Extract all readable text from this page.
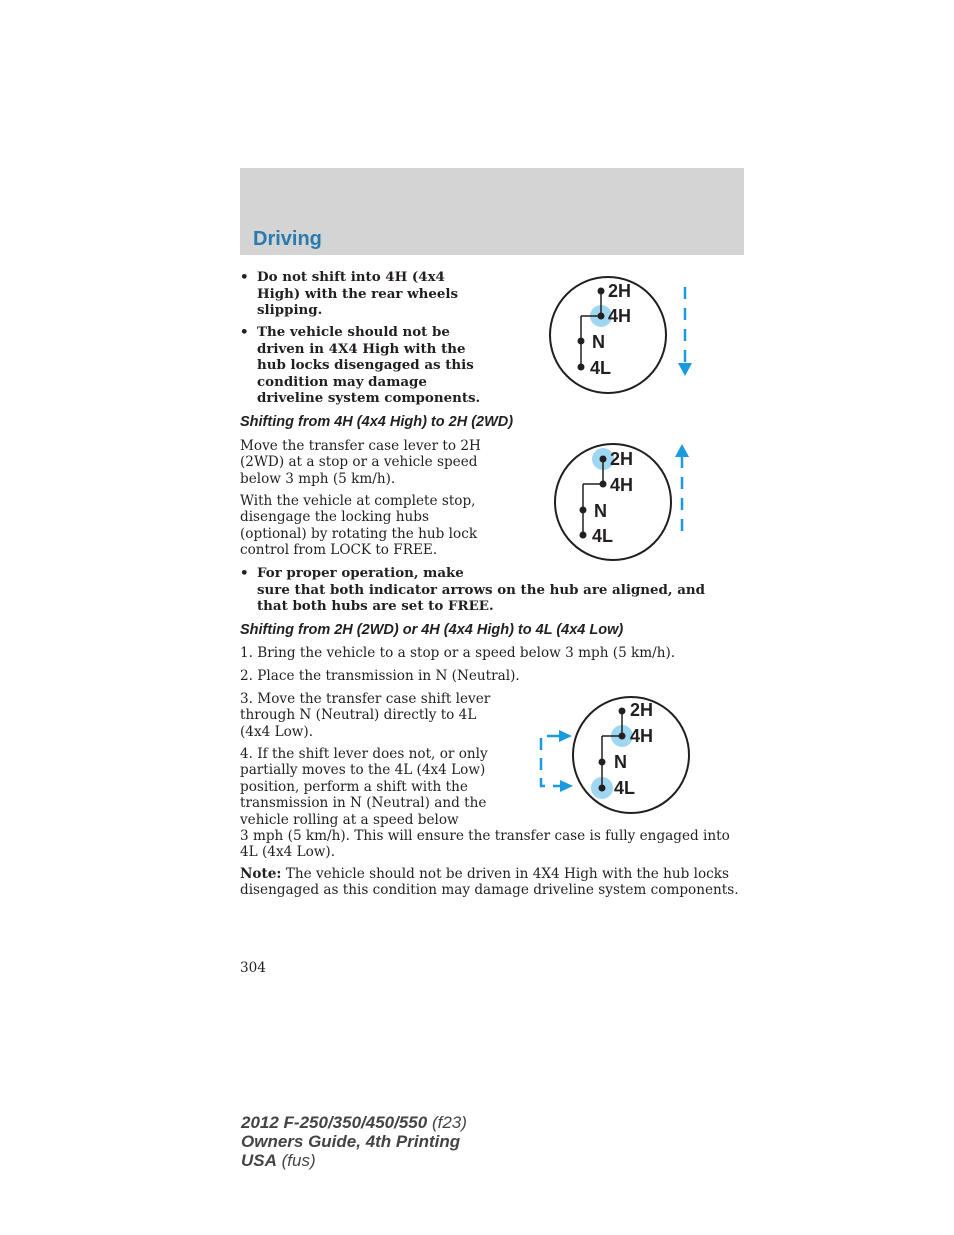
Driving
• Do not shift into 4H (4x4
High) with the rear wheels
slipping.
• The vehicle should not be
driven in 4X4 High with the
hub locks disengaged as this
condition may damage
driveline system components.
Shifting from 4H (4x4 High) to 2H (2WD)
Move the transfer case lever to 2H
(2WD) at a stop or a vehicle speed
below 3 mph (5 km/h).
With the vehicle at complete stop,
disengage the locking hubs
(optional) by rotating the hub lock
control from LOCK to FREE.
• For proper operation, make
sure that both indicator arrows on the hub are aligned, and
that both hubs are set to FREE.
Shifting from 2H (2WD) or 4H (4x4 High) to 4L (4x4 Low)
1. Bring the vehicle to a stop or a speed below 3 mph (5 km/h).
2. Place the transmission in N (Neutral).
3. Move the transfer case shift lever
through N (Neutral) directly to 4L
(4x4 Low).
4. If the shift lever does not, or only
partially moves to the 4L (4x4 Low)
position, perform a shift with the
transmission in N (Neutral) and the
vehicle rolling at a speed below
3 mph (5 km/h). This will ensure the transfer case is fully engaged into
4L (4x4 Low).
Note: The vehicle should not be driven in 4X4 High with the hub locks
disengaged as this condition may damage driveline system components.
2H
4H
N
4L
2H
4H
N
4L
2H
4H
N
4L
304
2012 F-250/350/450/550 (f23)
Owners Guide, 4th Printing
USA (fus)
